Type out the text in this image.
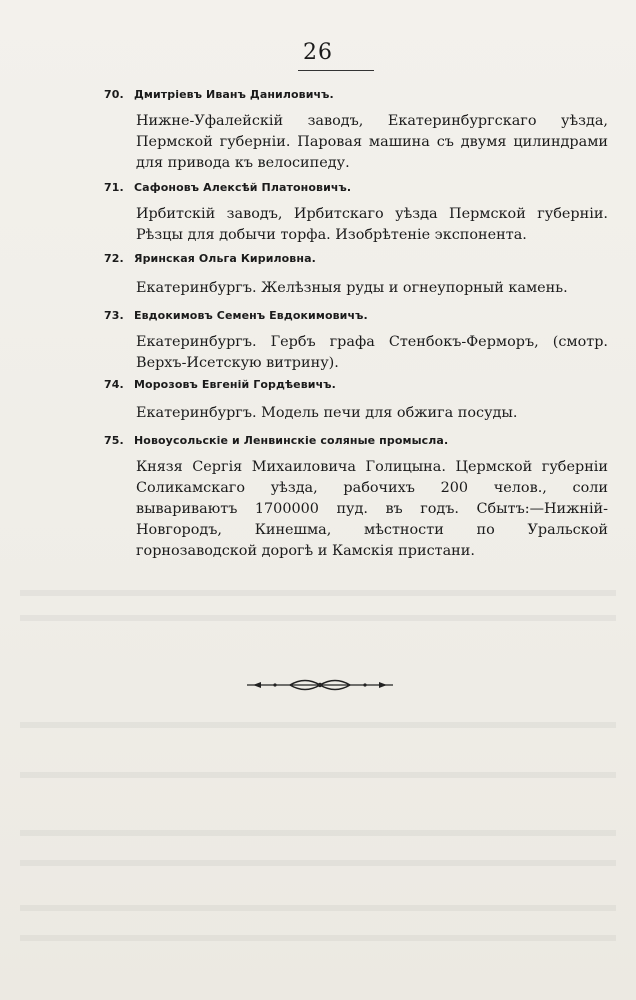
26
70. Дмитріевъ Иванъ Даниловичъ.
Нижне-Уфалейскій заводъ, Екатеринбургскаго уѣзда, Пермской губерніи. Паровая машина съ двумя цилиндрами для привода къ велосипеду.
71. Сафоновъ Алексѣй Платоновичъ.
Ирбитскій заводъ, Ирбитскаго уѣзда Пермской губерніи. Рѣзцы для добычи торфа. Изобрѣтеніе экспонента.
72. Яринская Ольга Кириловна.
Екатеринбургъ. Желѣзныя руды и огнеупорный камень.
73. Евдокимовъ Семенъ Евдокимовичъ.
Екатеринбургъ. Гербъ графа Стенбокъ-Ферморъ, (смотр. Верхъ-Исетскую витрину).
74. Морозовъ Евгеній Гордѣевичъ.
Екатеринбургъ. Модель печи для обжига посуды.
75. Новоусольскіе и Ленвинскіе соляные промысла.
Князя Сергія Михаиловича Голицына. Цермской губерніи Соликамскаго уѣзда, рабочихъ 200 челов., соли вывариваютъ 1700000 пуд. въ годъ. Сбытъ:—Нижній-Новгородъ, Кинешма, мѣстности по Уральской горнозаводской дорогѣ и Камскія пристани.
